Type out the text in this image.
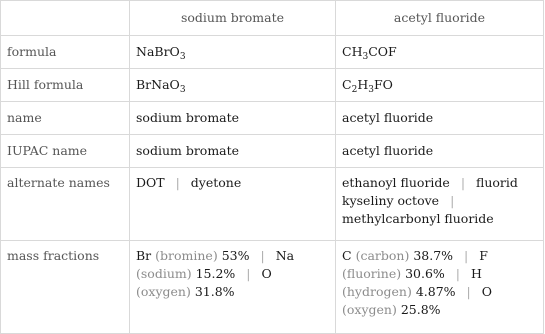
	sodium bromate	acetyl fluoride
formula	NaBrO$_3$	$CH_3COF$
Hill formula	BrNaO$_3$	$C_2H_3FO$
name	sodium bromate	acetyl fluoride
IUPAC name	sodium bromate	acetyl fluoride
alternate names	DOT | dyetone	ethanoyl fluoride | fluorid kyseliny octove | methylcarbonyl fluoride
mass fractions	Br (bromine) 53% | Na (sodium) 15.2% | O (oxygen) 31.8%	C (carbon) 38.7% | F (fluorine) 30.6% | H (hydrogen) 4.87% | O (oxygen) 25.8%
